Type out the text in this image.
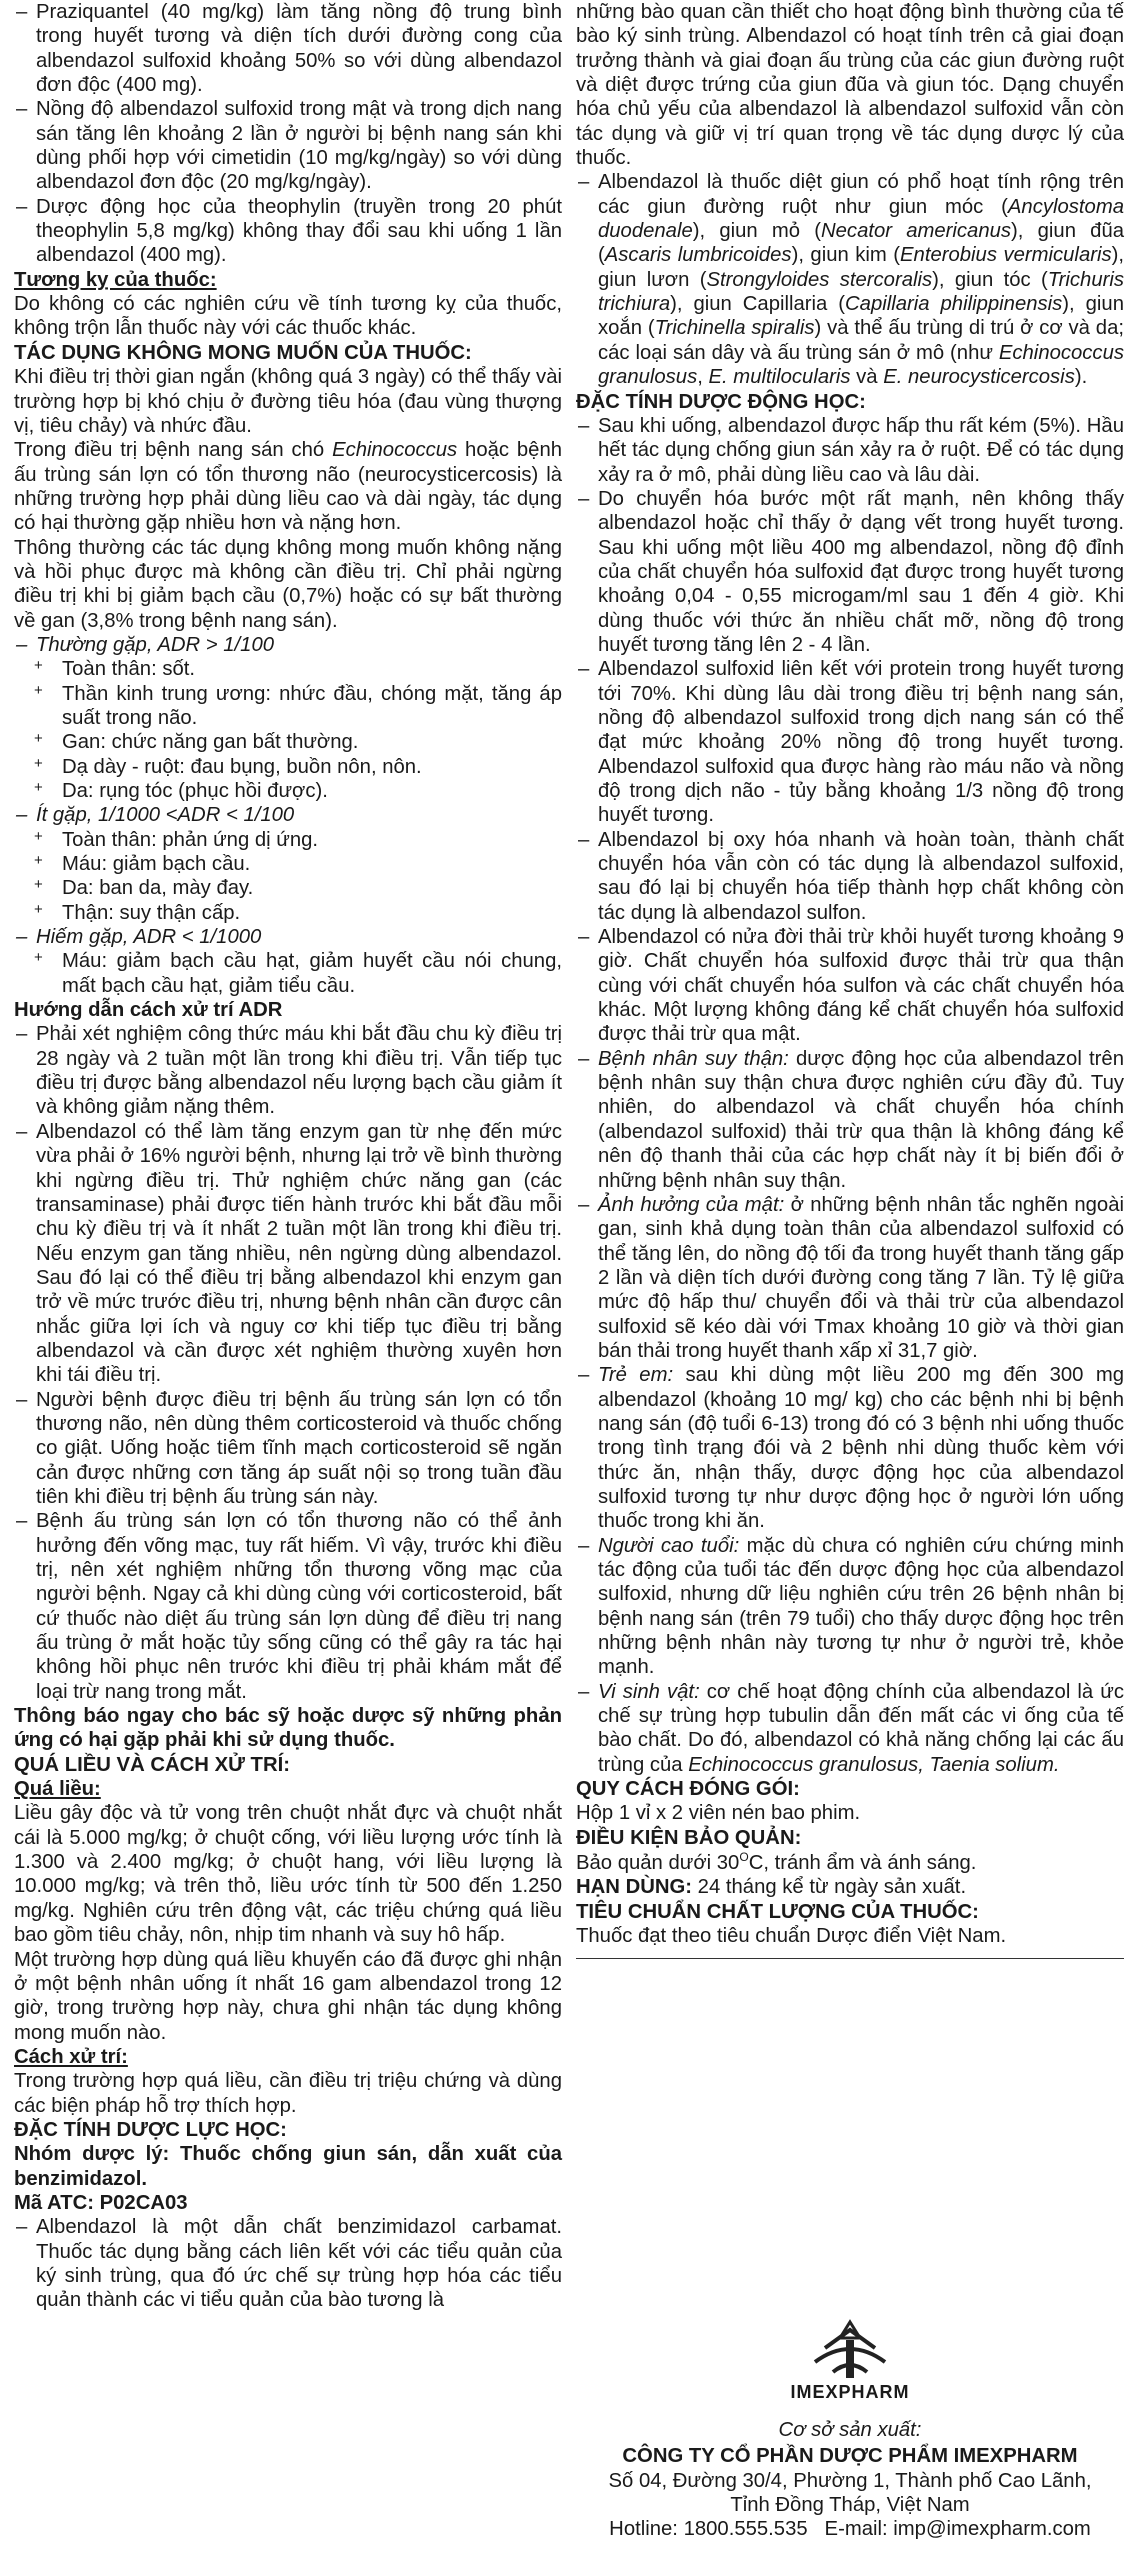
– Praziquantel (40 mg/kg) làm tăng nồng độ trung bình trong huyết tương và diện tích dưới đường cong của albendazol sulfoxid khoảng 50% so với dùng albendazol đơn độc (400 mg).

– Nồng độ albendazol sulfoxid trong mật và trong dịch nang sán tăng lên khoảng 2 lần ở người bị bệnh nang sán khi dùng phối hợp với cimetidin (10 mg/kg/ngày) so với dùng albendazol đơn độc (20 mg/kg/ngày).

– Dược động học của theophylin (truyền trong 20 phút theophylin 5,8 mg/kg) không thay đổi sau khi uống 1 lần albendazol (400 mg).

Tương kỵ của thuốc:

Do không có các nghiên cứu về tính tương kỵ của thuốc, không trộn lẫn thuốc này với các thuốc khác.

TÁC DỤNG KHÔNG MONG MUỐN CỦA THUỐC:

Khi điều trị thời gian ngắn (không quá 3 ngày) có thể thấy vài trường hợp bị khó chịu ở đường tiêu hóa (đau vùng thượng vị, tiêu chảy) và nhức đầu.

Trong điều trị bệnh nang sán chó Echinococcus hoặc bệnh ấu trùng sán lợn có tổn thương não (neurocysticercosis) là những trường hợp phải dùng liều cao và dài ngày, tác dụng có hại thường gặp nhiều hơn và nặng hơn.

Thông thường các tác dụng không mong muốn không nặng và hồi phục được mà không cần điều trị. Chỉ phải ngừng điều trị khi bị giảm bạch cầu (0,7%) hoặc có sự bất thường về gan (3,8% trong bệnh nang sán).

– Thường gặp, ADR > 1/100

+ Toàn thân: sốt.

+ Thần kinh trung ương: nhức đầu, chóng mặt, tăng áp suất trong não.

+ Gan: chức năng gan bất thường.

+ Dạ dày - ruột: đau bụng, buồn nôn, nôn.

+ Da: rụng tóc (phục hồi được).

– Ít gặp, 1/1000 <ADR < 1/100

+ Toàn thân: phản ứng dị ứng.

+ Máu: giảm bạch cầu.

+ Da: ban da, mày đay.

+ Thận: suy thận cấp.

– Hiếm gặp, ADR < 1/1000

+ Máu: giảm bạch cầu hạt, giảm huyết cầu nói chung, mất bạch cầu hạt, giảm tiểu cầu.

Hướng dẫn cách xử trí ADR

– Phải xét nghiệm công thức máu khi bắt đầu chu kỳ điều trị 28 ngày và 2 tuần một lần trong khi điều trị. Vẫn tiếp tục điều trị được bằng albendazol nếu lượng bạch cầu giảm ít và không giảm nặng thêm.

– Albendazol có thể làm tăng enzym gan từ nhẹ đến mức vừa phải ở 16% người bệnh, nhưng lại trở về bình thường khi ngừng điều trị. Thử nghiệm chức năng gan (các transaminase) phải được tiến hành trước khi bắt đầu mỗi chu kỳ điều trị và ít nhất 2 tuần một lần trong khi điều trị. Nếu enzym gan tăng nhiều, nên ngừng dùng albendazol. Sau đó lại có thể điều trị bằng albendazol khi enzym gan trở về mức trước điều trị, nhưng bệnh nhân cần được cân nhắc giữa lợi ích và nguy cơ khi tiếp tục điều trị bằng albendazol và cần được xét nghiệm thường xuyên hơn khi tái điều trị.

– Người bệnh được điều trị bệnh ấu trùng sán lợn có tổn thương não, nên dùng thêm corticosteroid và thuốc chống co giật. Uống hoặc tiêm tĩnh mạch corticosteroid sẽ ngăn cản được những cơn tăng áp suất nội sọ trong tuần đầu tiên khi điều trị bệnh ấu trùng sán này.

– Bệnh ấu trùng sán lợn có tổn thương não có thể ảnh hưởng đến võng mạc, tuy rất hiếm. Vì vậy, trước khi điều trị, nên xét nghiệm những tổn thương võng mạc của người bệnh. Ngay cả khi dùng cùng với corticosteroid, bất cứ thuốc nào diệt ấu trùng sán lợn dùng để điều trị nang ấu trùng ở mắt hoặc tủy sống cũng có thể gây ra tác hại không hồi phục nên trước khi điều trị phải khám mắt để loại trừ nang trong mắt.

Thông báo ngay cho bác sỹ hoặc dược sỹ những phản ứng có hại gặp phải khi sử dụng thuốc.

QUÁ LIỀU VÀ CÁCH XỬ TRÍ:

Quá liều:

Liều gây độc và tử vong trên chuột nhắt đực và chuột nhắt cái là 5.000 mg/kg; ở chuột cống, với liều lượng ước tính là 1.300 và 2.400 mg/kg; ở chuột hang, với liều lượng là 10.000 mg/kg; và trên thỏ, liều ước tính từ 500 đến 1.250 mg/kg. Nghiên cứu trên động vật, các triệu chứng quá liều bao gồm tiêu chảy, nôn, nhịp tim nhanh và suy hô hấp.

Một trường hợp dùng quá liều khuyến cáo đã được ghi nhận ở một bệnh nhân uống ít nhất 16 gam albendazol trong 12 giờ, trong trường hợp này, chưa ghi nhận tác dụng không mong muốn nào.

Cách xử trí:

Trong trường hợp quá liều, cần điều trị triệu chứng và dùng các biện pháp hỗ trợ thích hợp.

ĐẶC TÍNH DƯỢC LỰC HỌC:

Nhóm dược lý: Thuốc chống giun sán, dẫn xuất của benzimidazol.

Mã ATC: P02CA03

– Albendazol là một dẫn chất benzimidazol carbamat. Thuốc tác dụng bằng cách liên kết với các tiểu quản của ký sinh trùng, qua đó ức chế sự trùng hợp hóa các tiểu quản thành các vi tiểu quản của bào tương là

những bào quan cần thiết cho hoạt động bình thường của tế bào ký sinh trùng. Albendazol có hoạt tính trên cả giai đoạn trưởng thành và giai đoạn ấu trùng của các giun đường ruột và diệt được trứng của giun đũa và giun tóc. Dạng chuyển hóa chủ yếu của albendazol là albendazol sulfoxid vẫn còn tác dụng và giữ vị trí quan trọng về tác dụng dược lý của thuốc.

– Albendazol là thuốc diệt giun có phổ hoạt tính rộng trên các giun đường ruột như giun móc (Ancylostoma duodenale), giun mỏ (Necator americanus), giun đũa (Ascaris lumbricoides), giun kim (Enterobius vermicularis), giun lươn (Strongyloides stercoralis), giun tóc (Trichuris trichiura), giun Capillaria (Capillaria philippinensis), giun xoắn (Trichinella spiralis) và thể ấu trùng di trú ở cơ và da; các loại sán dây và ấu trùng sán ở mô (như Echinococcus granulosus, E. multilocularis và E. neurocysticercosis).

ĐẶC TÍNH DƯỢC ĐỘNG HỌC:

– Sau khi uống, albendazol được hấp thu rất kém (5%). Hầu hết tác dụng chống giun sán xảy ra ở ruột. Để có tác dụng xảy ra ở mô, phải dùng liều cao và lâu dài.

– Do chuyển hóa bước một rất mạnh, nên không thấy albendazol hoặc chỉ thấy ở dạng vết trong huyết tương. Sau khi uống một liều 400 mg albendazol, nồng độ đỉnh của chất chuyển hóa sulfoxid đạt được trong huyết tương khoảng 0,04 - 0,55 microgam/ml sau 1 đến 4 giờ. Khi dùng thuốc với thức ăn nhiều chất mỡ, nồng độ trong huyết tương tăng lên 2 - 4 lần.

– Albendazol sulfoxid liên kết với protein trong huyết tương tới 70%. Khi dùng lâu dài trong điều trị bệnh nang sán, nồng độ albendazol sulfoxid trong dịch nang sán có thể đạt mức khoảng 20% nồng độ trong huyết tương. Albendazol sulfoxid qua được hàng rào máu não và nồng độ trong dịch não - tủy bằng khoảng 1/3 nồng độ trong huyết tương.

– Albendazol bị oxy hóa nhanh và hoàn toàn, thành chất chuyển hóa vẫn còn có tác dụng là albendazol sulfoxid, sau đó lại bị chuyển hóa tiếp thành hợp chất không còn tác dụng là albendazol sulfon.

– Albendazol có nửa đời thải trừ khỏi huyết tương khoảng 9 giờ. Chất chuyển hóa sulfoxid được thải trừ qua thận cùng với chất chuyển hóa sulfon và các chất chuyển hóa khác. Một lượng không đáng kể chất chuyển hóa sulfoxid được thải trừ qua mật.

– Bệnh nhân suy thận: dược động học của albendazol trên bệnh nhân suy thận chưa được nghiên cứu đầy đủ. Tuy nhiên, do albendazol và chất chuyển hóa chính (albendazol sulfoxid) thải trừ qua thận là không đáng kể nên độ thanh thải của các hợp chất này ít bị biến đổi ở những bệnh nhân suy thận.

– Ảnh hưởng của mật: ở những bệnh nhân tắc nghẽn ngoài gan, sinh khả dụng toàn thân của albendazol sulfoxid có thể tăng lên, do nồng độ tối đa trong huyết thanh tăng gấp 2 lần và diện tích dưới đường cong tăng 7 lần. Tỷ lệ giữa mức độ hấp thu/ chuyển đổi và thải trừ của albendazol sulfoxid sẽ kéo dài với Tmax khoảng 10 giờ và thời gian bán thải trong huyết thanh xấp xỉ 31,7 giờ.

– Trẻ em: sau khi dùng một liều 200 mg đến 300 mg albendazol (khoảng 10 mg/ kg) cho các bệnh nhi bị bệnh nang sán (độ tuổi 6-13) trong đó có 3 bệnh nhi uống thuốc trong tình trạng đói và 2 bệnh nhi dùng thuốc kèm với thức ăn, nhận thấy, dược động học của albendazol sulfoxid tương tự như dược động học ở người lớn uống thuốc trong khi ăn.

– Người cao tuổi: mặc dù chưa có nghiên cứu chứng minh tác động của tuổi tác đến dược động học của albendazol sulfoxid, nhưng dữ liệu nghiên cứu trên 26 bệnh nhân bị bệnh nang sán (trên 79 tuổi) cho thấy dược động học trên những bệnh nhân này tương tự như ở người trẻ, khỏe mạnh.

– Vi sinh vật: cơ chế hoạt động chính của albendazol là ức chế sự trùng hợp tubulin dẫn đến mất các vi ống của tế bào chất. Do đó, albendazol có khả năng chống lại các ấu trùng của Echinococcus granulosus, Taenia solium.

QUY CÁCH ĐÓNG GÓI:

Hộp 1 vỉ x 2 viên nén bao phim.

ĐIỀU KIỆN BẢO QUẢN:

Bảo quản dưới $30^OC$, tránh ẩm và ánh sáng.

HẠN DÙNG: 24 tháng kể từ ngày sản xuất.

TIÊU CHUẨN CHẤT LƯỢNG CỦA THUỐC:

Thuốc đạt theo tiêu chuẩn Dược điển Việt Nam.

IMEXPHARM
Cơ sở sản xuất:
CÔNG TY CỔ PHẦN DƯỢC PHẨM IMEXPHARM
Số 04, Đường 30/4, Phường 1, Thành phố Cao Lãnh,
Tỉnh Đồng Tháp, Việt Nam
Hotline: 1800.555.535   E-mail: imp@imexpharm.com
